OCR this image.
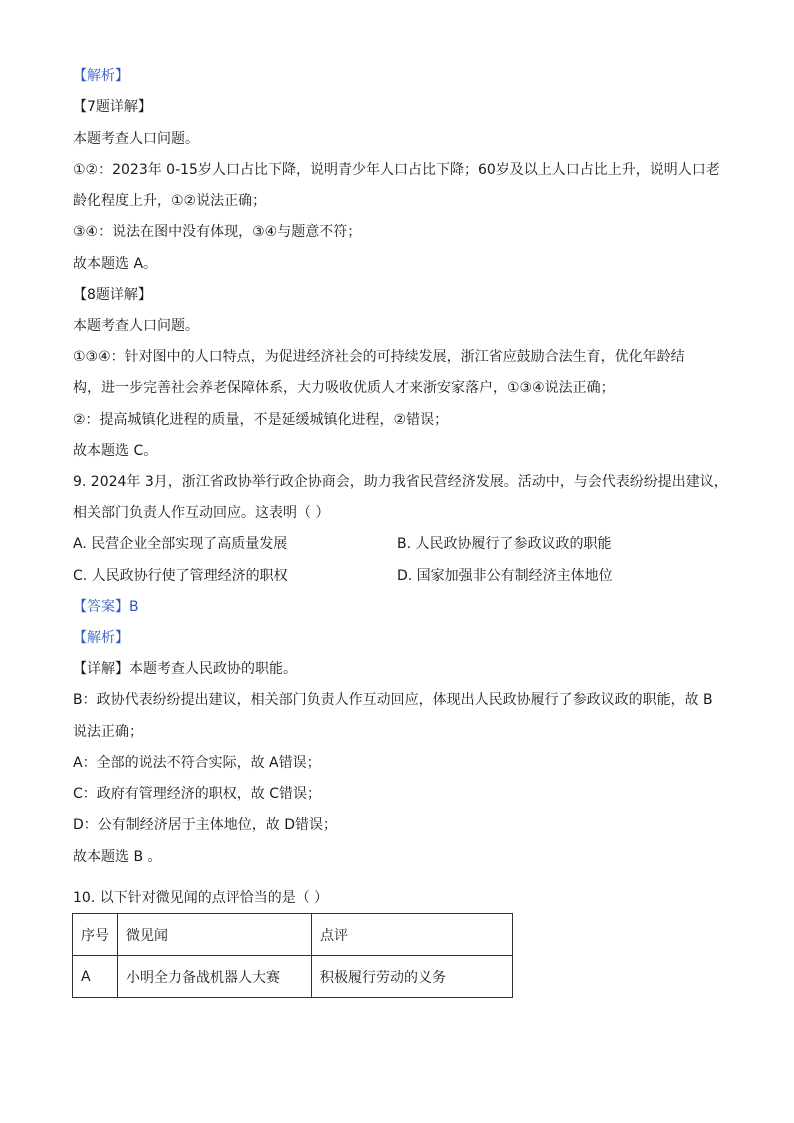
【解析】
【7题详解】
本题考查人口问题。
①②：2023年 0-15岁人口占比下降，说明青少年人口占比下降；60岁及以上人口占比上升，说明人口老
龄化程度上升，①②说法正确；
③④：说法在图中没有体现，③④与题意不符；
故本题选 A。
【8题详解】
本题考查人口问题。
①③④：针对图中的人口特点，为促进经济社会的可持续发展，浙江省应鼓励合法生育，优化年龄结
构，进一步完善社会养老保障体系，大力吸收优质人才来浙安家落户，①③④说法正确；
②：提高城镇化进程的质量，不是延缓城镇化进程，②错误；
故本题选 C。
9. 2024年 3月，浙江省政协举行政企协商会，助力我省民营经济发展。活动中，与会代表纷纷提出建议，
相关部门负责人作互动回应。这表明（ ）
A. 民营企业全部实现了高质量发展	B. 人民政协履行了参政议政的职能
C. 人民政协行使了管理经济的职权	D. 国家加强非公有制经济主体地位
【答案】B
【解析】
【详解】本题考查人民政协的职能。
B：政协代表纷纷提出建议，相关部门负责人作互动回应，体现出人民政协履行了参政议政的职能，故 B
说法正确；
A：全部的说法不符合实际，故 A错误；
C：政府有管理经济的职权，故 C错误；
D：公有制经济居于主体地位，故 D错误；
故本题选 B 。
10. 以下针对微见闻的点评恰当的是（ ）
序号	微见闻	点评
A	小明全力备战机器人大赛	积极履行劳动的义务
